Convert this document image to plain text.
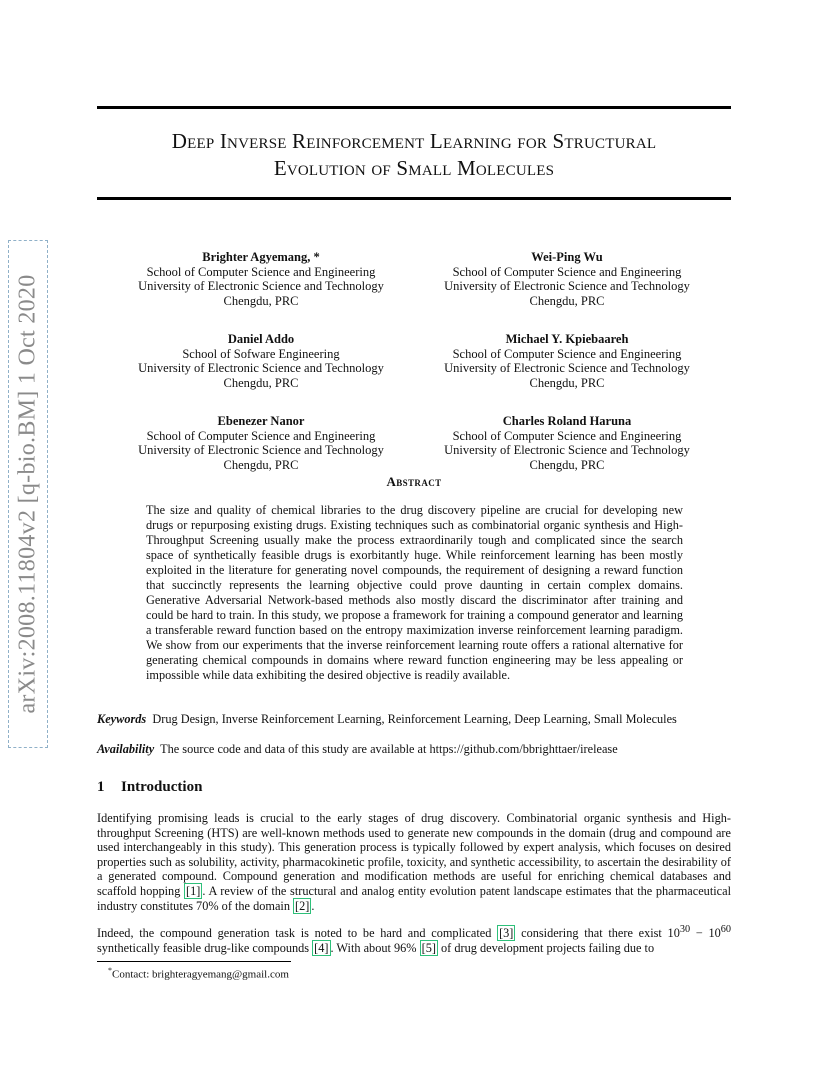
Deep Inverse Reinforcement Learning for Structural
Evolution of Small Molecules
arXiv:2008.11804v2 [q-bio.BM] 1 Oct 2020
Brighter Agyemang, *
School of Computer Science and Engineering
University of Electronic Science and Technology
Chengdu, PRC
Wei-Ping Wu
School of Computer Science and Engineering
University of Electronic Science and Technology
Chengdu, PRC
Daniel Addo
School of Sofware Engineering
University of Electronic Science and Technology
Chengdu, PRC
Michael Y. Kpiebaareh
School of Computer Science and Engineering
University of Electronic Science and Technology
Chengdu, PRC
Ebenezer Nanor
School of Computer Science and Engineering
University of Electronic Science and Technology
Chengdu, PRC
Charles Roland Haruna
School of Computer Science and Engineering
University of Electronic Science and Technology
Chengdu, PRC
Abstract
The size and quality of chemical libraries to the drug discovery pipeline are crucial for developing new drugs or repurposing existing drugs. Existing techniques such as combinatorial organic synthesis and High-Throughput Screening usually make the process extraordinarily tough and complicated since the search space of synthetically feasible drugs is exorbitantly huge. While reinforcement learning has been mostly exploited in the literature for generating novel compounds, the requirement of designing a reward function that succinctly represents the learning objective could prove daunting in certain complex domains. Generative Adversarial Network-based methods also mostly discard the discriminator after training and could be hard to train. In this study, we propose a framework for training a compound generator and learning a transferable reward function based on the entropy maximization inverse reinforcement learning paradigm. We show from our experiments that the inverse reinforcement learning route offers a rational alternative for generating chemical compounds in domains where reward function engineering may be less appealing or impossible while data exhibiting the desired objective is readily available.
Keywords Drug Design, Inverse Reinforcement Learning, Reinforcement Learning, Deep Learning, Small Molecules
Availability The source code and data of this study are available at https://github.com/bbrighttaer/irelease
1 Introduction
Identifying promising leads is crucial to the early stages of drug discovery. Combinatorial organic synthesis and High-throughput Screening (HTS) are well-known methods used to generate new compounds in the domain (drug and compound are used interchangeably in this study). This generation process is typically followed by expert analysis, which focuses on desired properties such as solubility, activity, pharmacokinetic profile, toxicity, and synthetic accessibility, to ascertain the desirability of a generated compound. Compound generation and modification methods are useful for enriching chemical databases and scaffold hopping [1] . A review of the structural and analog entity evolution patent landscape estimates that the pharmaceutical industry constitutes 70% of the domain [2] .
Indeed, the compound generation task is noted to be hard and complicated [3] considering that there exist $10^{30} - 10^{60}$ synthetically feasible drug-like compounds [4] . With about 96% [5] of drug development projects failing due to
*Contact: brighteragyemang@gmail.com
